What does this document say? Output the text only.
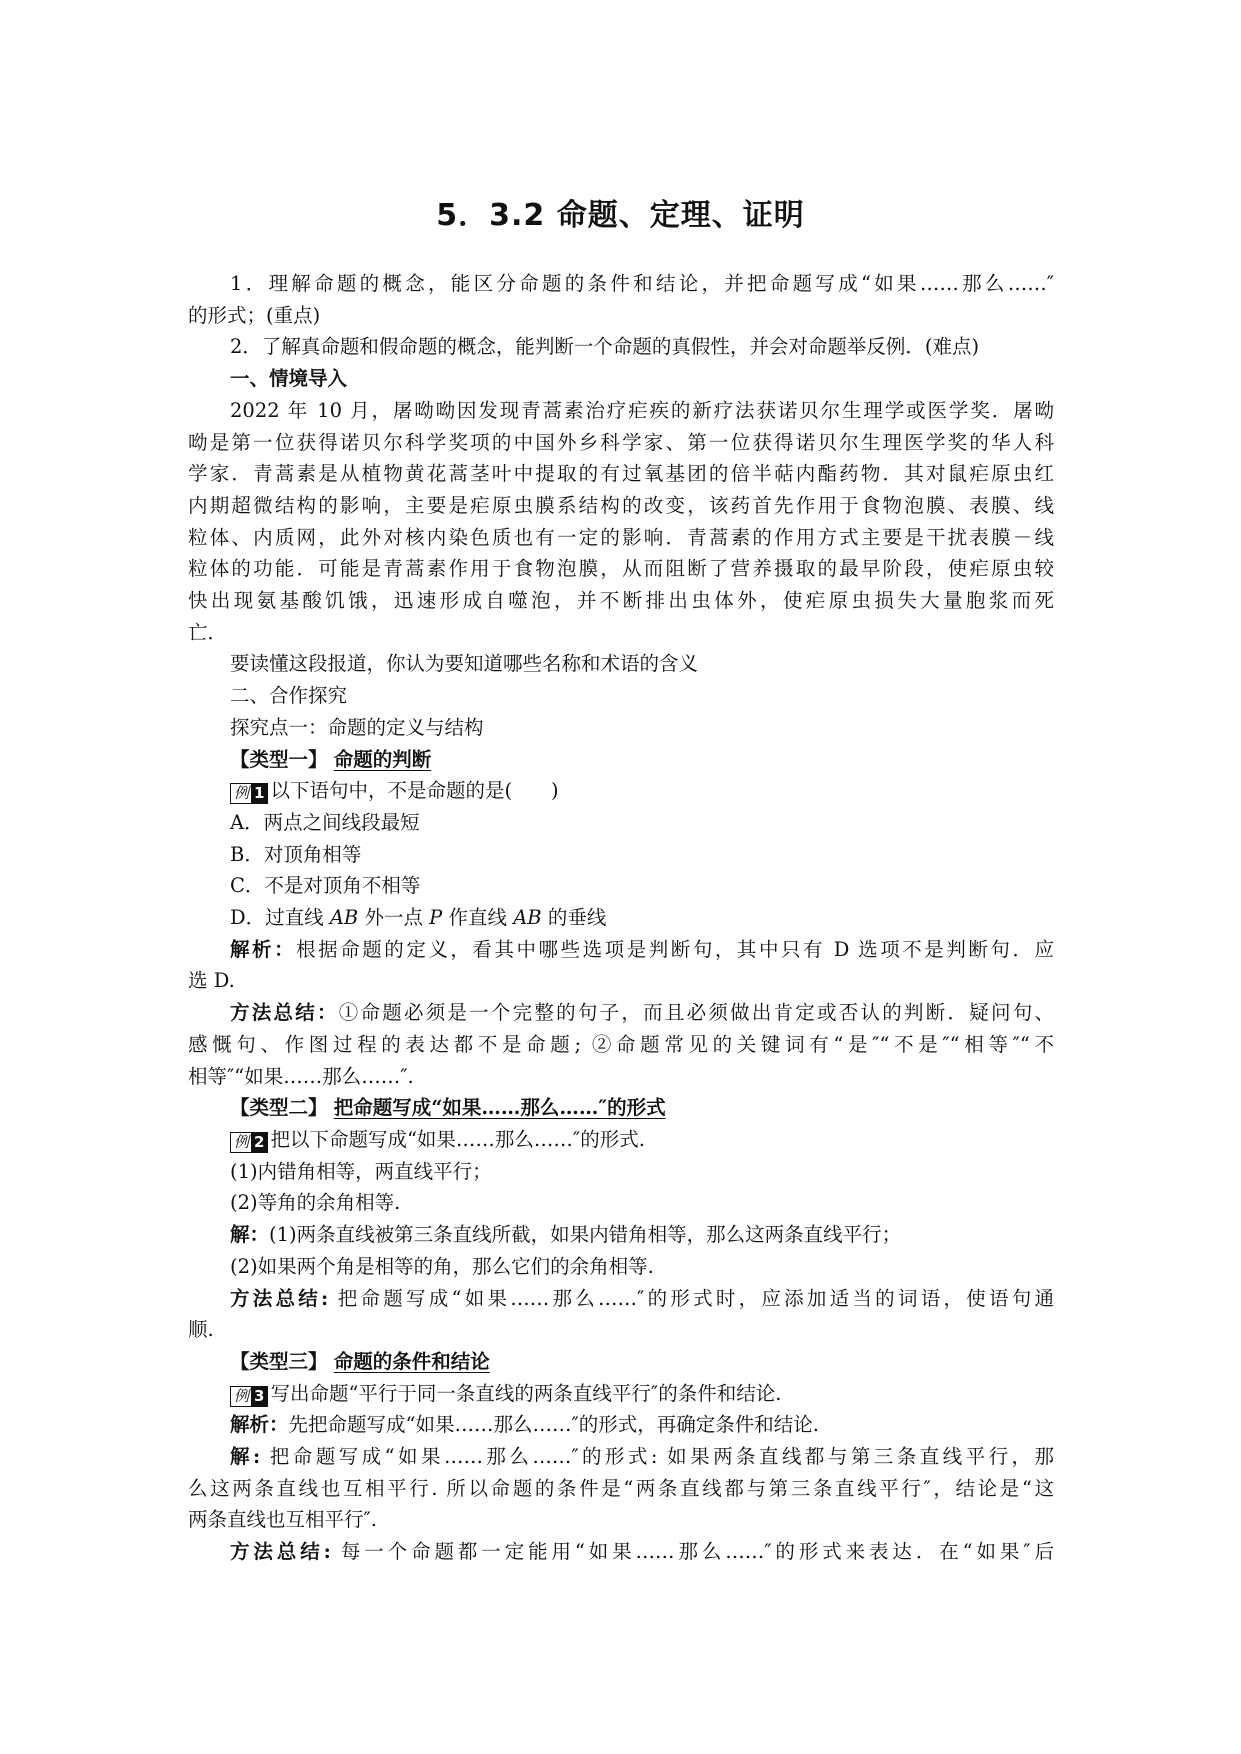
5．3.2 命题、定理、证明
1．理解命题的概念，能区分命题的条件和结论，并把命题写成“如果……那么……″
的形式；(重点)
2．了解真命题和假命题的概念，能判断一个命题的真假性，并会对命题举反例．(难点)
一、情境导入
2022 年 10 月，屠呦呦因发现青蒿素治疗疟疾的新疗法获诺贝尔生理学或医学奖．屠呦
呦是第一位获得诺贝尔科学奖项的中国外乡科学家、第一位获得诺贝尔生理医学奖的华人科
学家．青蒿素是从植物黄花蒿茎叶中提取的有过氧基团的倍半萜内酯药物．其对鼠疟原虫红
内期超微结构的影响，主要是疟原虫膜系结构的改变，该药首先作用于食物泡膜、表膜、线
粒体、内质网，此外对核内染色质也有一定的影响．青蒿素的作用方式主要是干扰表膜－线
粒体的功能．可能是青蒿素作用于食物泡膜，从而阻断了营养摄取的最早阶段，使疟原虫较
快出现氨基酸饥饿，迅速形成自噬泡，并不断排出虫体外，使疟原虫损失大量胞浆而死
亡．
要读懂这段报道，你认为要知道哪些名称和术语的含义
二、合作探究
探究点一：命题的定义与结构
【类型一】 命题的判断
例 1 以下语句中，不是命题的是(　　)
A．两点之间线段最短
B．对顶角相等
C．不是对顶角不相等
D．过直线 AB 外一点 P 作直线 AB 的垂线
解析：根据命题的定义，看其中哪些选项是判断句，其中只有 D 选项不是判断句．应
选 D.
方法总结：①命题必须是一个完整的句子，而且必须做出肯定或否认的判断．疑问句、
感慨句、作图过程的表达都不是命题; ②命题常见的关键词有“是″“不是″“相等″“不
相等″“如果……那么……″.
【类型二】 把命题写成“如果……那么……″的形式
例 2 把以下命题写成“如果……那么……″的形式.
(1)内错角相等，两直线平行；
(2)等角的余角相等.
解：(1)两条直线被第三条直线所截，如果内错角相等，那么这两条直线平行；
(2)如果两个角是相等的角，那么它们的余角相等.
方法总结: 把命题写成“如果……那么……″的形式时，应添加适当的词语，使语句通
顺.
【类型三】 命题的条件和结论
例 3 写出命题“平行于同一条直线的两条直线平行″的条件和结论.
解析：先把命题写成“如果……那么……″的形式，再确定条件和结论.
解: 把命题写成“如果……那么……″的形式: 如果两条直线都与第三条直线平行，那
么这两条直线也互相平行. 所以命题的条件是“两条直线都与第三条直线平行″，结论是“这
两条直线也互相平行″.
方法总结: 每一个命题都一定能用“如果……那么……″的形式来表达．在“如果″后
